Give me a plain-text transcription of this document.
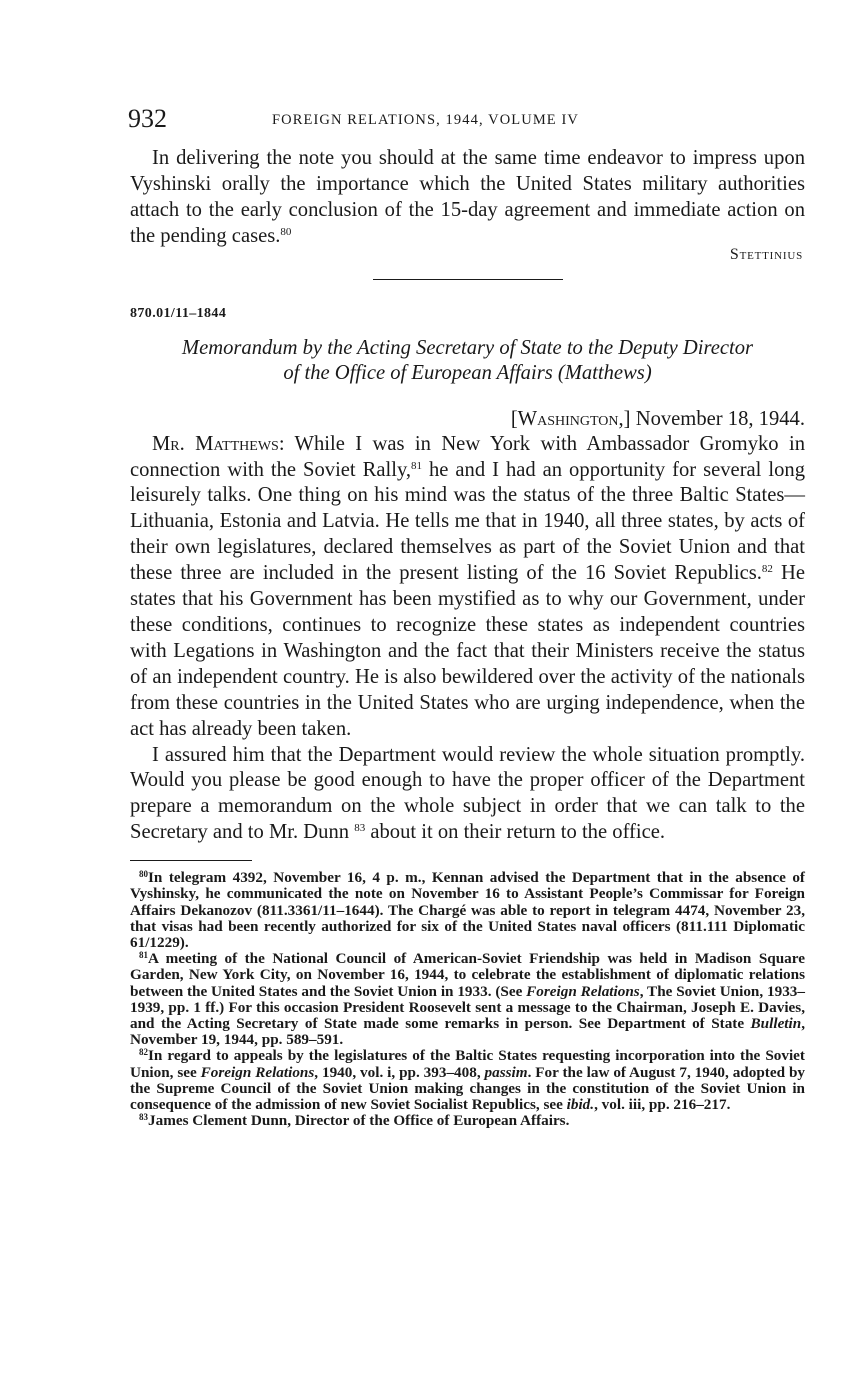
932	FOREIGN RELATIONS, 1944, VOLUME IV

In delivering the note you should at the same time endeavor to impress upon Vyshinski orally the importance which the United States military authorities attach to the early conclusion of the 15-day agreement and immediate action on the pending cases.$^{80}$

Stettinius
870.01/11–1844
Memorandum by the Acting Secretary of State to the Deputy Director
of the Office of European Affairs (Matthews)
[Washington,] November 18, 1944.

Mr. Matthews: While I was in New York with Ambassador Gromyko in connection with the Soviet Rally,$^{81}$ he and I had an opportunity for several long leisurely talks. One thing on his mind was the status of the three Baltic States—Lithuania, Estonia and Latvia. He tells me that in 1940, all three states, by acts of their own legislatures, declared themselves as part of the Soviet Union and that these three are included in the present listing of the 16 Soviet Republics.$^{82}$ He states that his Government has been mystified as to why our Government, under these conditions, continues to recognize these states as independent countries with Legations in Washington and the fact that their Ministers receive the status of an independent country. He is also bewildered over the activity of the nationals from these countries in the United States who are urging independence, when the act has already been taken.

I assured him that the Department would review the whole situation promptly. Would you please be good enough to have the proper officer of the Department prepare a memorandum on the whole subject in order that we can talk to the Secretary and to Mr. Dunn $^{83}$ about it on their return to the office.

$^{80}$In telegram 4392, November 16, 4 p. m., Kennan advised the Department that in the absence of Vyshinsky, he communicated the note on November 16 to Assistant People’s Commissar for Foreign Affairs Dekanozov (811.3361/11–1644). The Chargé was able to report in telegram 4474, November 23, that visas had been recently authorized for six of the United States naval officers (811.111 Diplomatic 61/1229).

$^{81}$A meeting of the National Council of American-Soviet Friendship was held in Madison Square Garden, New York City, on November 16, 1944, to celebrate the establishment of diplomatic relations between the United States and the Soviet Union in 1933. (See Foreign Relations, The Soviet Union, 1933–1939, pp. 1 ff.) For this occasion President Roosevelt sent a message to the Chairman, Joseph E. Davies, and the Acting Secretary of State made some remarks in person. See Department of State Bulletin, November 19, 1944, pp. 589–591.

$^{82}$In regard to appeals by the legislatures of the Baltic States requesting incorporation into the Soviet Union, see Foreign Relations, 1940, vol. i, pp. 393–408, passim. For the law of August 7, 1940, adopted by the Supreme Council of the Soviet Union making changes in the constitution of the Soviet Union in consequence of the admission of new Soviet Socialist Republics, see ibid., vol. iii, pp. 216–217.

$^{83}$James Clement Dunn, Director of the Office of European Affairs.
